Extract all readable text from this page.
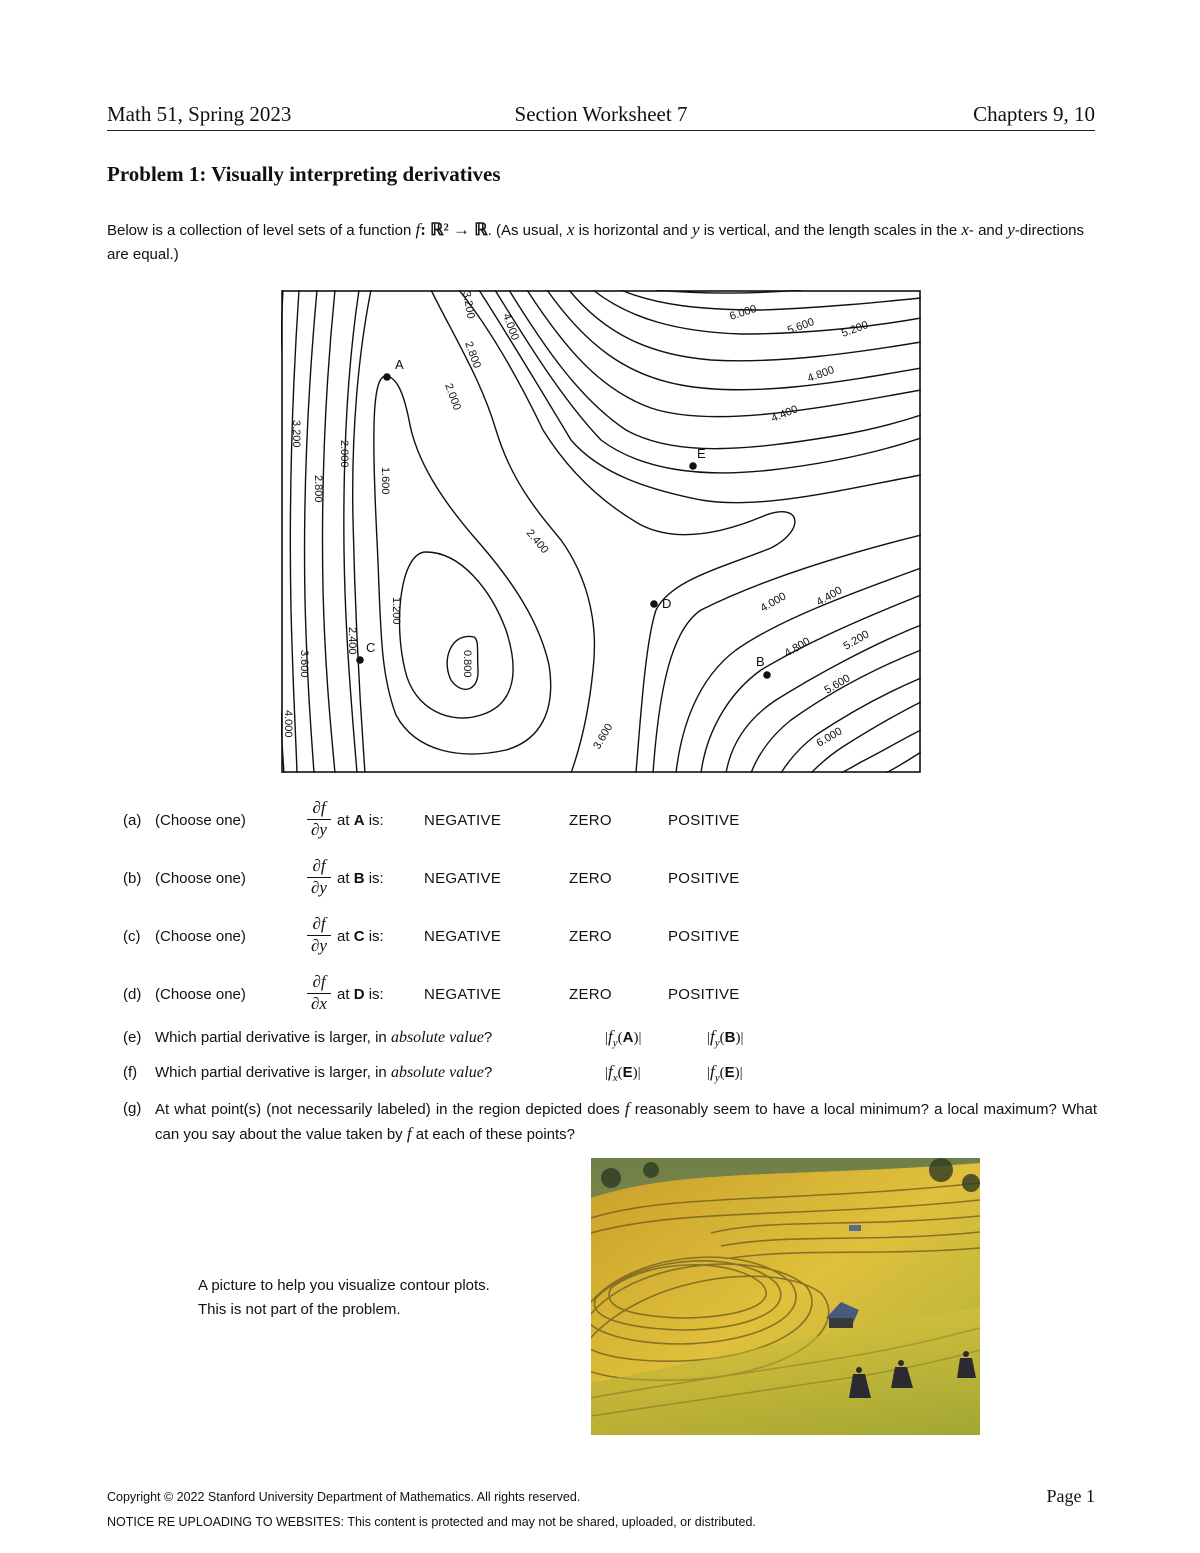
Math 51, Spring 2023	Section Worksheet 7	Chapters 9, 10
Problem 1: Visually interpreting derivatives
Below is a collection of level sets of a function f: ℝ² → ℝ. (As usual, x is horizontal and y is vertical, and the length scales in the x- and y-directions are equal.)
0.800
1.200
1.600
2.000
2.000
2.400
2.400
2.800
2.800
3.200
3.200
3.600
3.600
4.000
4.000
4.000
4.400
4.400
4.800
4.800
5.200
5.200
5.600
5.600
6.000
6.000
A
B
C
D
E
(a) (Choose one)	$\frac{\partial f}{\partial y}$ at A is:	NEGATIVE	ZERO	POSITIVE
(b) (Choose one)	$\frac{\partial f}{\partial y}$ at B is:	NEGATIVE	ZERO	POSITIVE
(c) (Choose one)	$\frac{\partial f}{\partial y}$ at C is:	NEGATIVE	ZERO	POSITIVE
(d) (Choose one)	$\frac{\partial f}{\partial x}$ at D is:	NEGATIVE	ZERO	POSITIVE
(e) Which partial derivative is larger, in absolute value?	$|f_y(A)|$	$|f_y(B)|$
(f) Which partial derivative is larger, in absolute value?	$|f_x(E)|$	$|f_y(E)|$
(g) At what point(s) (not necessarily labeled) in the region depicted does f reasonably seem to have a local minimum? a local maximum? What can you say about the value taken by f at each of these points?
A picture to help you visualize contour plots.
This is not part of the problem.
Copyright © 2022 Stanford University Department of Mathematics. All rights reserved.
NOTICE RE UPLOADING TO WEBSITES: This content is protected and may not be shared, uploaded, or distributed.
Page 1
